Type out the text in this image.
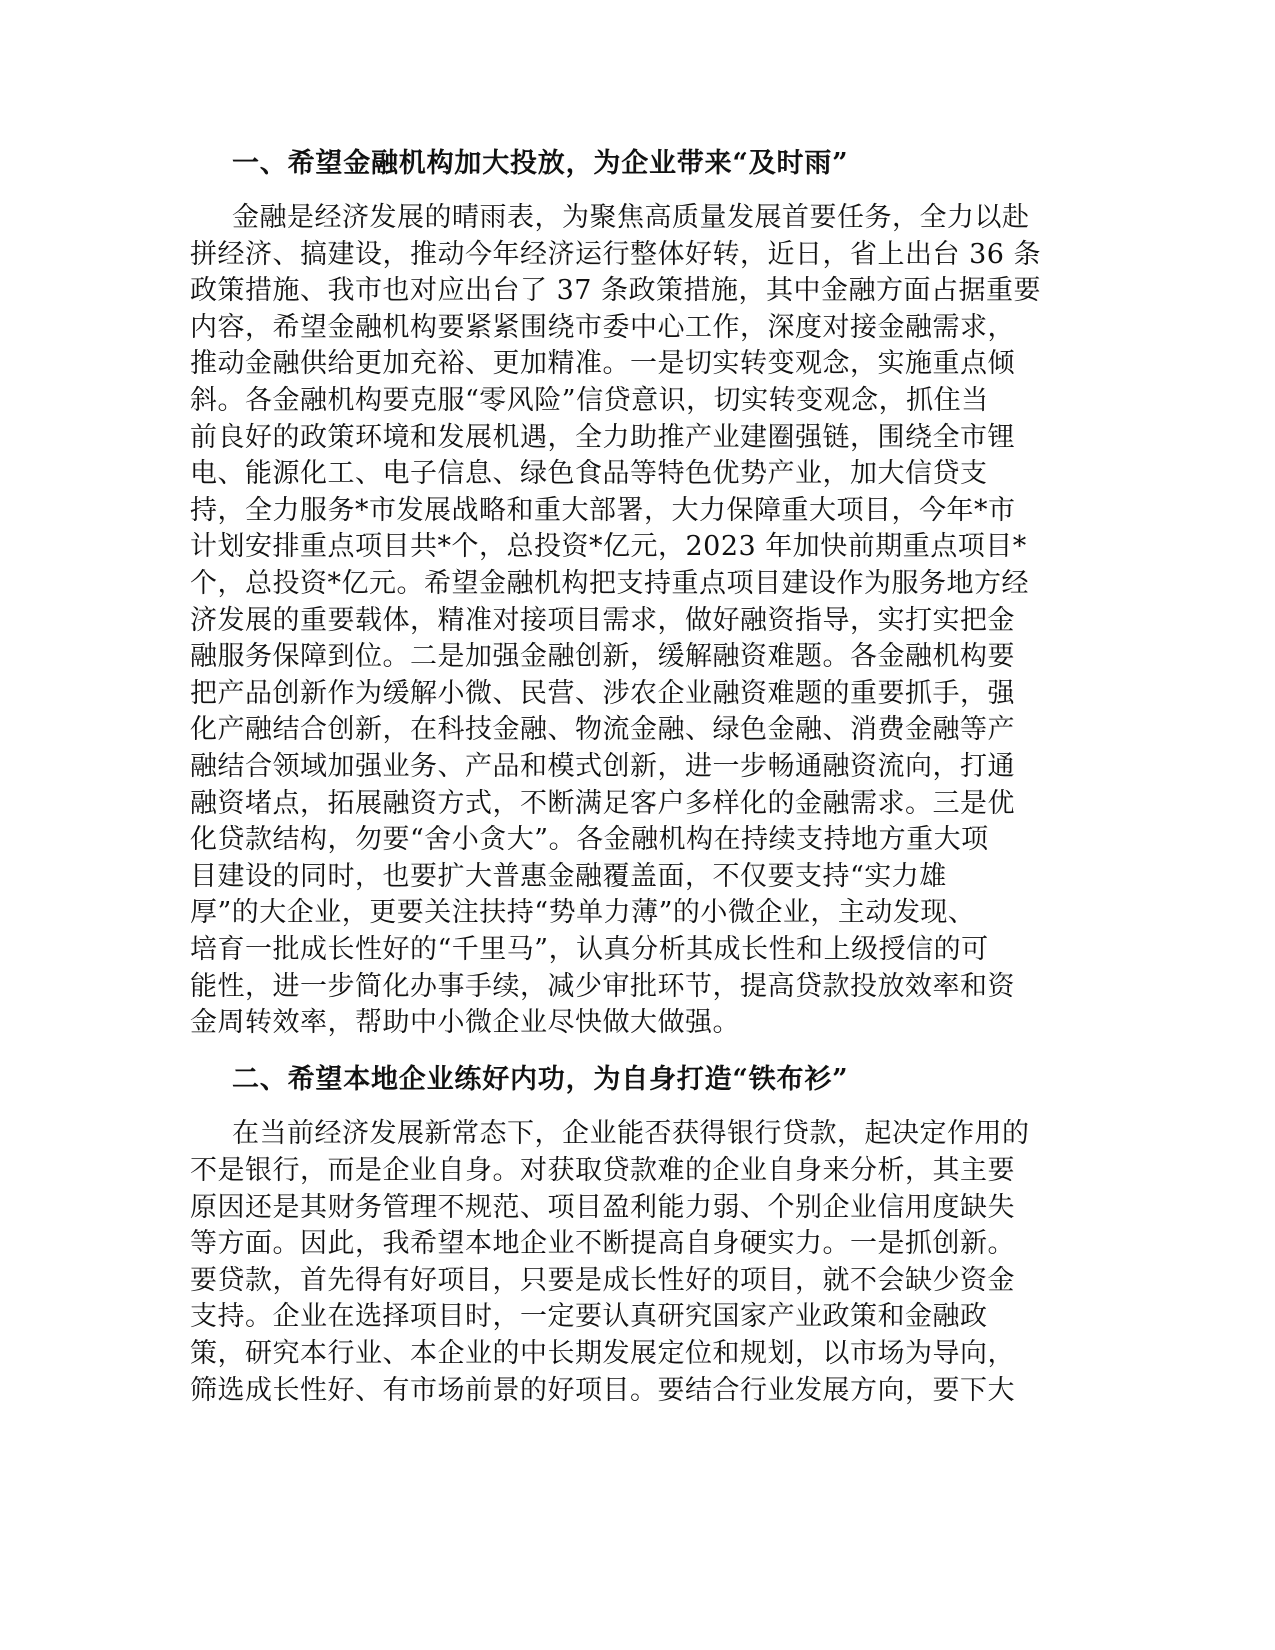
一、希望金融机构加大投放，为企业带来“及时雨”

金融是经济发展的晴雨表，为聚焦高质量发展首要任务，全力以赴

拼经济、搞建设，推动今年经济运行整体好转，近日，省上出台 36 条

政策措施、我市也对应出台了 37 条政策措施，其中金融方面占据重要

内容，希望金融机构要紧紧围绕市委中心工作，深度对接金融需求，

推动金融供给更加充裕、更加精准。一是切实转变观念，实施重点倾

斜。各金融机构要克服“零风险”信贷意识，切实转变观念，抓住当

前良好的政策环境和发展机遇，全力助推产业建圈强链，围绕全市锂

电、能源化工、电子信息、绿色食品等特色优势产业，加大信贷支

持，全力服务*市发展战略和重大部署，大力保障重大项目，今年*市

计划安排重点项目共*个，总投资*亿元，2023 年加快前期重点项目*

个，总投资*亿元。希望金融机构把支持重点项目建设作为服务地方经

济发展的重要载体，精准对接项目需求，做好融资指导，实打实把金

融服务保障到位。二是加强金融创新，缓解融资难题。各金融机构要

把产品创新作为缓解小微、民营、涉农企业融资难题的重要抓手，强

化产融结合创新，在科技金融、物流金融、绿色金融、消费金融等产

融结合领域加强业务、产品和模式创新，进一步畅通融资流向，打通

融资堵点，拓展融资方式，不断满足客户多样化的金融需求。三是优

化贷款结构，勿要“舍小贪大”。各金融机构在持续支持地方重大项

目建设的同时，也要扩大普惠金融覆盖面，不仅要支持“实力雄

厚”的大企业，更要关注扶持“势单力薄”的小微企业，主动发现、

培育一批成长性好的“千里马”，认真分析其成长性和上级授信的可

能性，进一步简化办事手续，减少审批环节，提高贷款投放效率和资

金周转效率，帮助中小微企业尽快做大做强。

二、希望本地企业练好内功，为自身打造“铁布衫”

在当前经济发展新常态下，企业能否获得银行贷款，起决定作用的

不是银行，而是企业自身。对获取贷款难的企业自身来分析，其主要

原因还是其财务管理不规范、项目盈利能力弱、个别企业信用度缺失

等方面。因此，我希望本地企业不断提高自身硬实力。一是抓创新。

要贷款，首先得有好项目，只要是成长性好的项目，就不会缺少资金

支持。企业在选择项目时，一定要认真研究国家产业政策和金融政

策，研究本行业、本企业的中长期发展定位和规划，以市场为导向，

筛选成长性好、有市场前景的好项目。要结合行业发展方向，要下大
